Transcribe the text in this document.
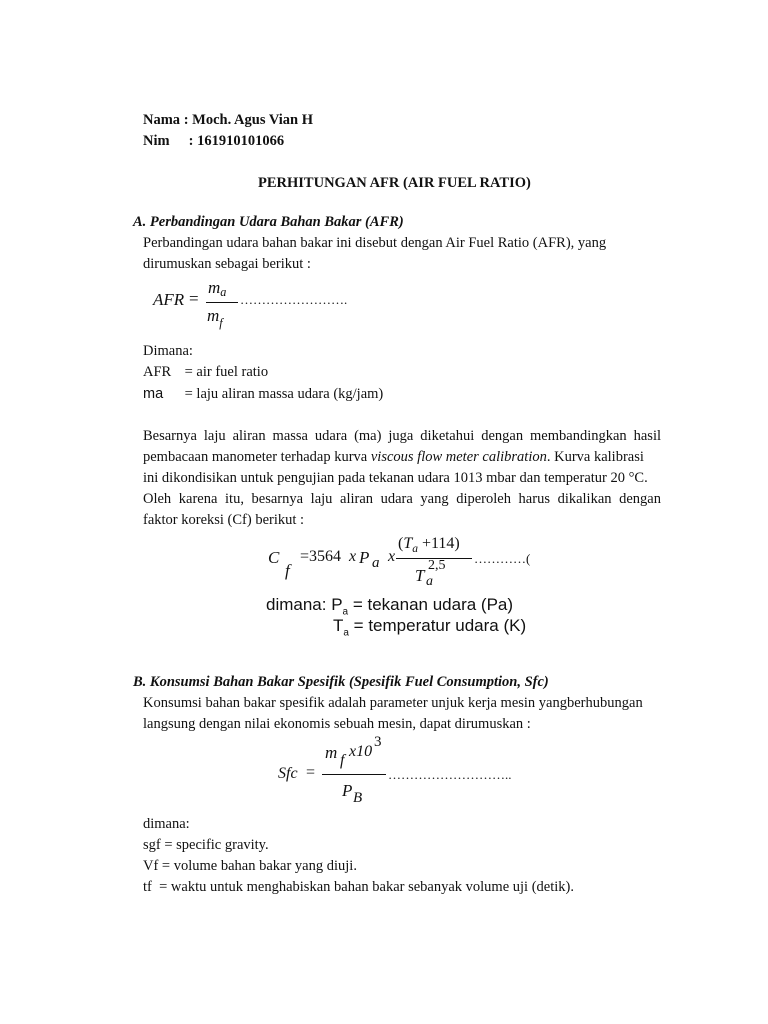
Nama : Moch. Agus Vian H
Nim : 161910101066
PERHITUNGAN AFR (AIR FUEL RATIO)
A. Perbandingan Udara Bahan Bakar (AFR)
Perbandingan udara bahan bakar ini disebut dengan Air Fuel Ratio (AFR), yang
dirumuskan sebagai berikut :
AFR =
$m_a$
$m_f$
…………………….
Dimana:
AFR = air fuel ratio
ma = laju aliran massa udara (kg/jam)
Besarnya laju aliran massa udara (ma) juga diketahui dengan membandingkan hasil
pembacaan manometer terhadap kurva viscous flow meter calibration. Kurva kalibrasi
ini dikondisikan untuk pengujian pada tekanan udara 1013 mbar dan temperatur 20 °C.
Oleh karena itu, besarnya laju aliran udara yang diperoleh harus dikalikan dengan
faktor koreksi (Cf) berikut :
C
f
=3564 x P a x
$(T_a +114)$
T
2,5
a
…………(
dimana: $P_a$ = tekanan udara (Pa)
$T_a$ = temperatur udara (K)
B. Konsumsi Bahan Bakar Spesifik (Spesifik Fuel Consumption, Sfc)
Konsumsi bahan bakar spesifik adalah parameter unjuk kerja mesin yangberhubungan
langsung dengan nilai ekonomis sebuah mesin, dapat dirumuskan :
Sfc =
m f
x10
3
P B
………………………..
dimana:
sgf = specific gravity.
Vf = volume bahan bakar yang diuji.
tf  = waktu untuk menghabiskan bahan bakar sebanyak volume uji (detik).
